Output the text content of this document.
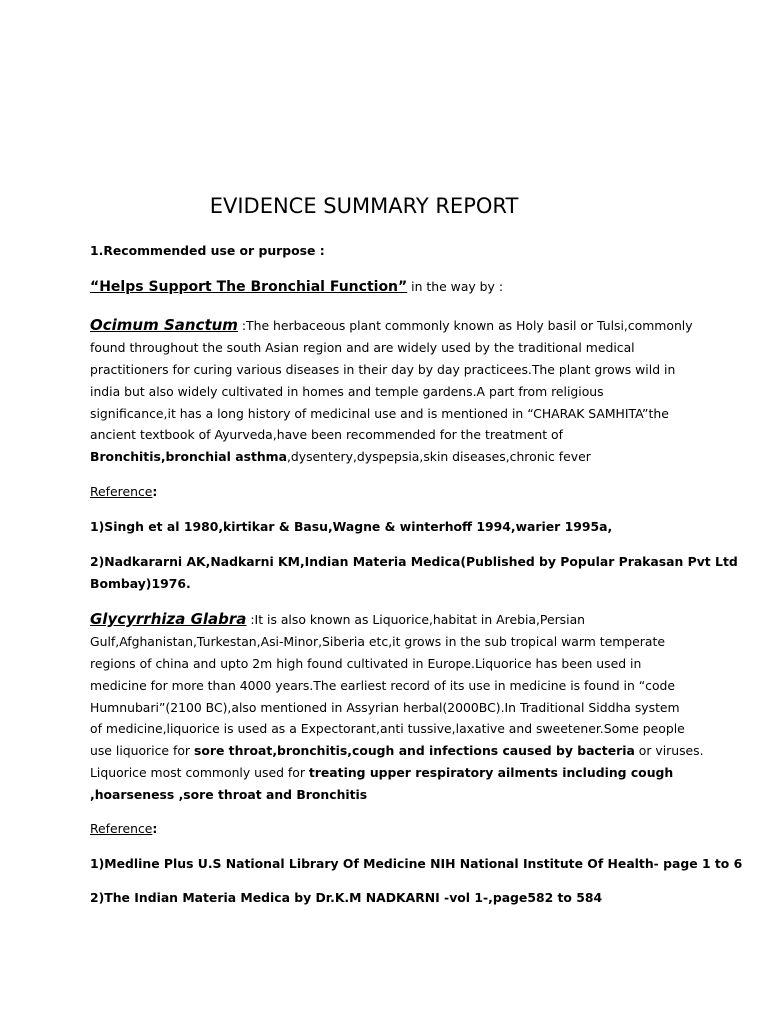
EVIDENCE SUMMARY REPORT
1.Recommended use or purpose :
“Helps Support The Bronchial Function” in the way by :
Ocimum Sanctum :The herbaceous plant commonly known as Holy basil or Tulsi,commonly
found throughout the south Asian region and are widely used by the traditional medical
practitioners for curing various diseases in their day by day practicees.The plant grows wild in
india but also widely cultivated in homes and temple gardens.A part from religious
significance,it has a long history of medicinal use and is mentioned in “CHARAK SAMHITA”the
ancient textbook of Ayurveda,have been recommended for the treatment of
Bronchitis,bronchial asthma,dysentery,dyspepsia,skin diseases,chronic fever
Reference:
1)Singh et al 1980,kirtikar & Basu,Wagne & winterhoff 1994,warier 1995a,
2)Nadkararni AK,Nadkarni KM,Indian Materia Medica(Published by Popular Prakasan Pvt Ltd
Bombay)1976.
Glycyrrhiza Glabra :It is also known as Liquorice,habitat in Arebia,Persian
Gulf,Afghanistan,Turkestan,Asi-Minor,Siberia etc,it grows in the sub tropical warm temperate
regions of china and upto 2m high found cultivated in Europe.Liquorice has been used in
medicine for more than 4000 years.The earliest record of its use in medicine is found in “code
Humnubari”(2100 BC),also mentioned in Assyrian herbal(2000BC).In Traditional Siddha system
of medicine,liquorice is used as a Expectorant,anti tussive,laxative and sweetener.Some people
use liquorice for sore throat,bronchitis,cough and infections caused by bacteria or viruses.
Liquorice most commonly used for treating upper respiratory ailments including cough
,hoarseness ,sore throat and Bronchitis
Reference:
1)Medline Plus U.S National Library Of Medicine NIH National Institute Of Health- page 1 to 6
2)The Indian Materia Medica by Dr.K.M NADKARNI -vol 1-,page582 to 584
